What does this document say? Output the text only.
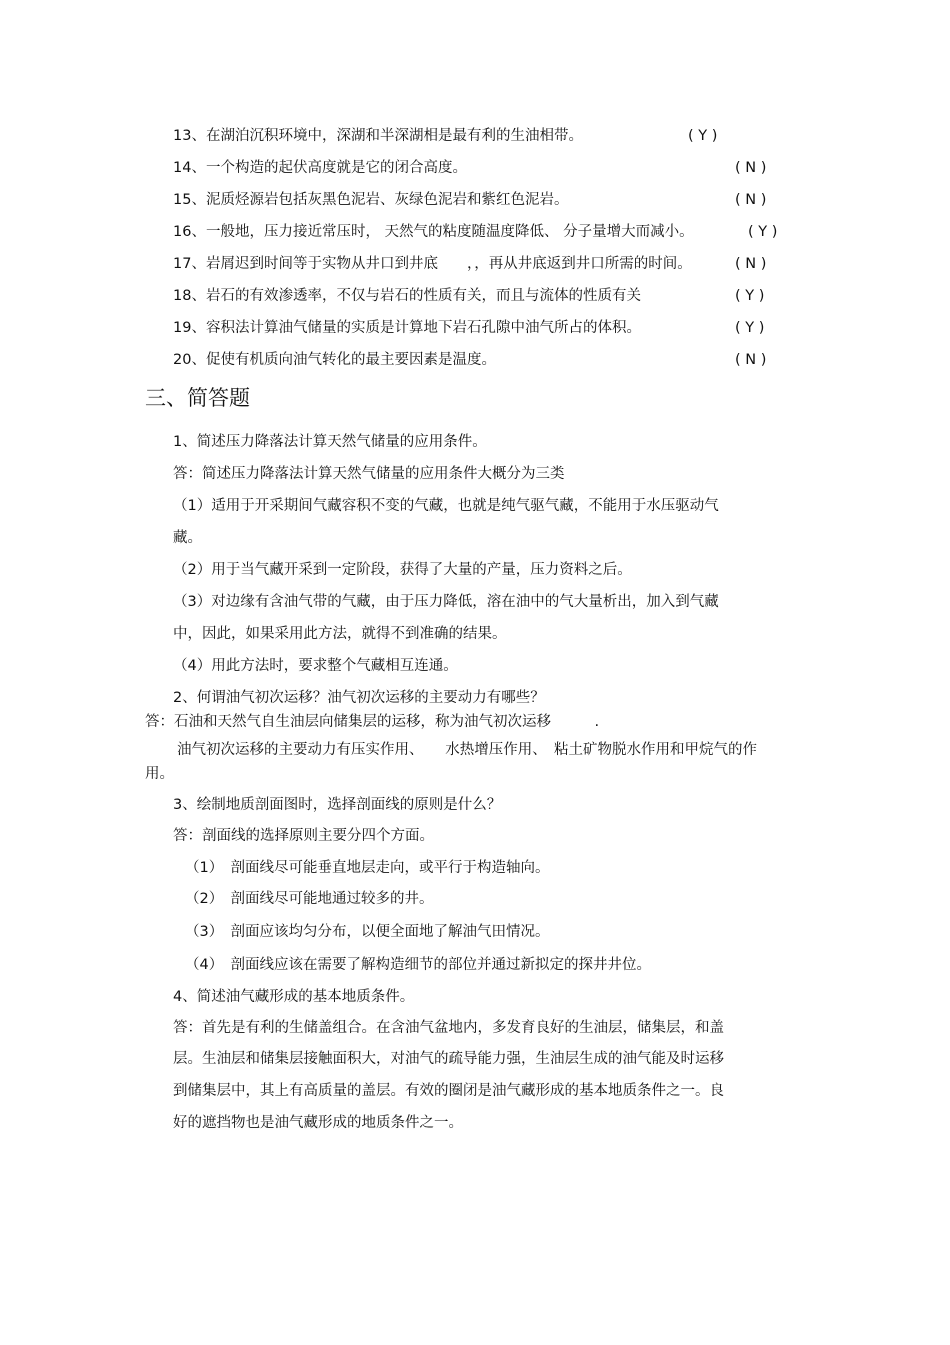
13、在湖泊沉积环境中，深湖和半深湖相是最有利的生油相带。	( Y )
14、一个构造的起伏高度就是它的闭合高度。	( N )
15、泥质烃源岩包括灰黑色泥岩、灰绿色泥岩和紫红色泥岩。	( N )
16、一般地，压力接近常压时， 天然气的粘度随温度降低、 分子量增大而减小。	( Y )
17、岩屑迟到时间等于实物从井口到井底　　，，再从井底返到井口所需的时间。	( N )
18、岩石的有效渗透率，不仅与岩石的性质有关，而且与流体的性质有关	( Y )
19、容积法计算油气储量的实质是计算地下岩石孔隙中油气所占的体积。	( Y )
20、促使有机质向油气转化的最主要因素是温度。	( N )
三、简答题
1、简述压力降落法计算天然气储量的应用条件。
答：简述压力降落法计算天然气储量的应用条件大概分为三类
（1）适用于开采期间气藏容积不变的气藏，也就是纯气驱气藏，不能用于水压驱动气
藏。
（2）用于当气藏开采到一定阶段，获得了大量的产量，压力资料之后。
（3）对边缘有含油气带的气藏，由于压力降低，溶在油中的气大量析出，加入到气藏
中，因此，如果采用此方法，就得不到准确的结果。
（4）用此方法时，要求整个气藏相互连通。
2、何谓油气初次运移？油气初次运移的主要动力有哪些？
答：石油和天然气自生油层向储集层的运移，称为油气初次运移　　　.
油气初次运移的主要动力有压实作用、　　水热增压作用、　粘土矿物脱水作用和甲烷气的作
用。
3、绘制地质剖面图时，选择剖面线的原则是什么？
答：剖面线的选择原则主要分四个方面。
（1）　剖面线尽可能垂直地层走向，或平行于构造轴向。
（2）　剖面线尽可能地通过较多的井。
（3）　剖面应该均匀分布，以便全面地了解油气田情况。
（4）　剖面线应该在需要了解构造细节的部位并通过新拟定的探井井位。
4、简述油气藏形成的基本地质条件。
答：首先是有利的生储盖组合。在含油气盆地内，多发育良好的生油层，储集层，和盖
层。生油层和储集层接触面积大，对油气的疏导能力强，生油层生成的油气能及时运移
到储集层中，其上有高质量的盖层。有效的圈闭是油气藏形成的基本地质条件之一。良
好的遮挡物也是油气藏形成的地质条件之一。
